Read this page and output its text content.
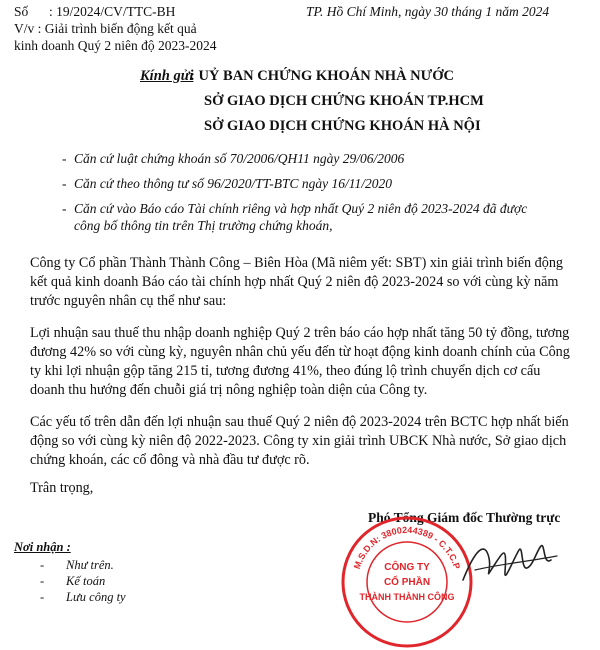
Số : 19/2024/CV/TTC-BH	TP. Hồ Chí Minh, ngày 30 tháng 1 năm 2024
V/v : Giải trình biến động kết quả
kinh doanh Quý 2 niên độ 2023-2024
Kính gửi
: UỶ BAN CHỨNG KHOÁN NHÀ NƯỚC
SỞ GIAO DỊCH CHỨNG KHOÁN TP.HCM
SỞ GIAO DỊCH CHỨNG KHOÁN HÀ NỘI
- Căn cứ luật chứng khoán số 70/2006/QH11 ngày 29/06/2006
- Căn cứ theo thông tư số 96/2020/TT-BTC ngày 16/11/2020
- Căn cứ vào Báo cáo Tài chính riêng và hợp nhất Quý 2 niên độ 2023-2024 đã được
công bố thông tin trên Thị trường chứng khoán,
Công ty Cổ phần Thành Thành Công – Biên Hòa (Mã niêm yết: SBT) xin giải trình biến động
kết quả kinh doanh Báo cáo tài chính hợp nhất Quý 2 niên độ 2023-2024 so với cùng kỳ năm
trước nguyên nhân cụ thể như sau:
Lợi nhuận sau thuế thu nhập doanh nghiệp Quý 2 trên báo cáo hợp nhất tăng 50 tỷ đồng, tương
đương 42% so với cùng kỳ, nguyên nhân chủ yếu đến từ hoạt động kinh doanh chính của Công
ty khi lợi nhuận gộp tăng 215 tỉ, tương đương 41%, theo đúng lộ trình chuyển dịch cơ cấu
doanh thu hướng đến chuỗi giá trị nông nghiệp toàn diện của Công ty.
Các yếu tố trên dẫn đến lợi nhuận sau thuế Quý 2 niên độ 2023-2024 trên BCTC hợp nhất biến
động so với cùng kỳ niên độ 2022-2023. Công ty xin giải trình UBCK Nhà nước, Sở giao dịch
chứng khoán, các cổ đông và nhà đầu tư được rõ.
Trân trọng,
Phó Tổng Giám đốc Thường trực
Nơi nhận :
- Như trên.
- Kế toán
- Lưu công ty
M.S.D.N: 3800244389 - C.T.C.P
CÔNG TY
CỔ PHẦN
THÀNH THÀNH CÔNG
